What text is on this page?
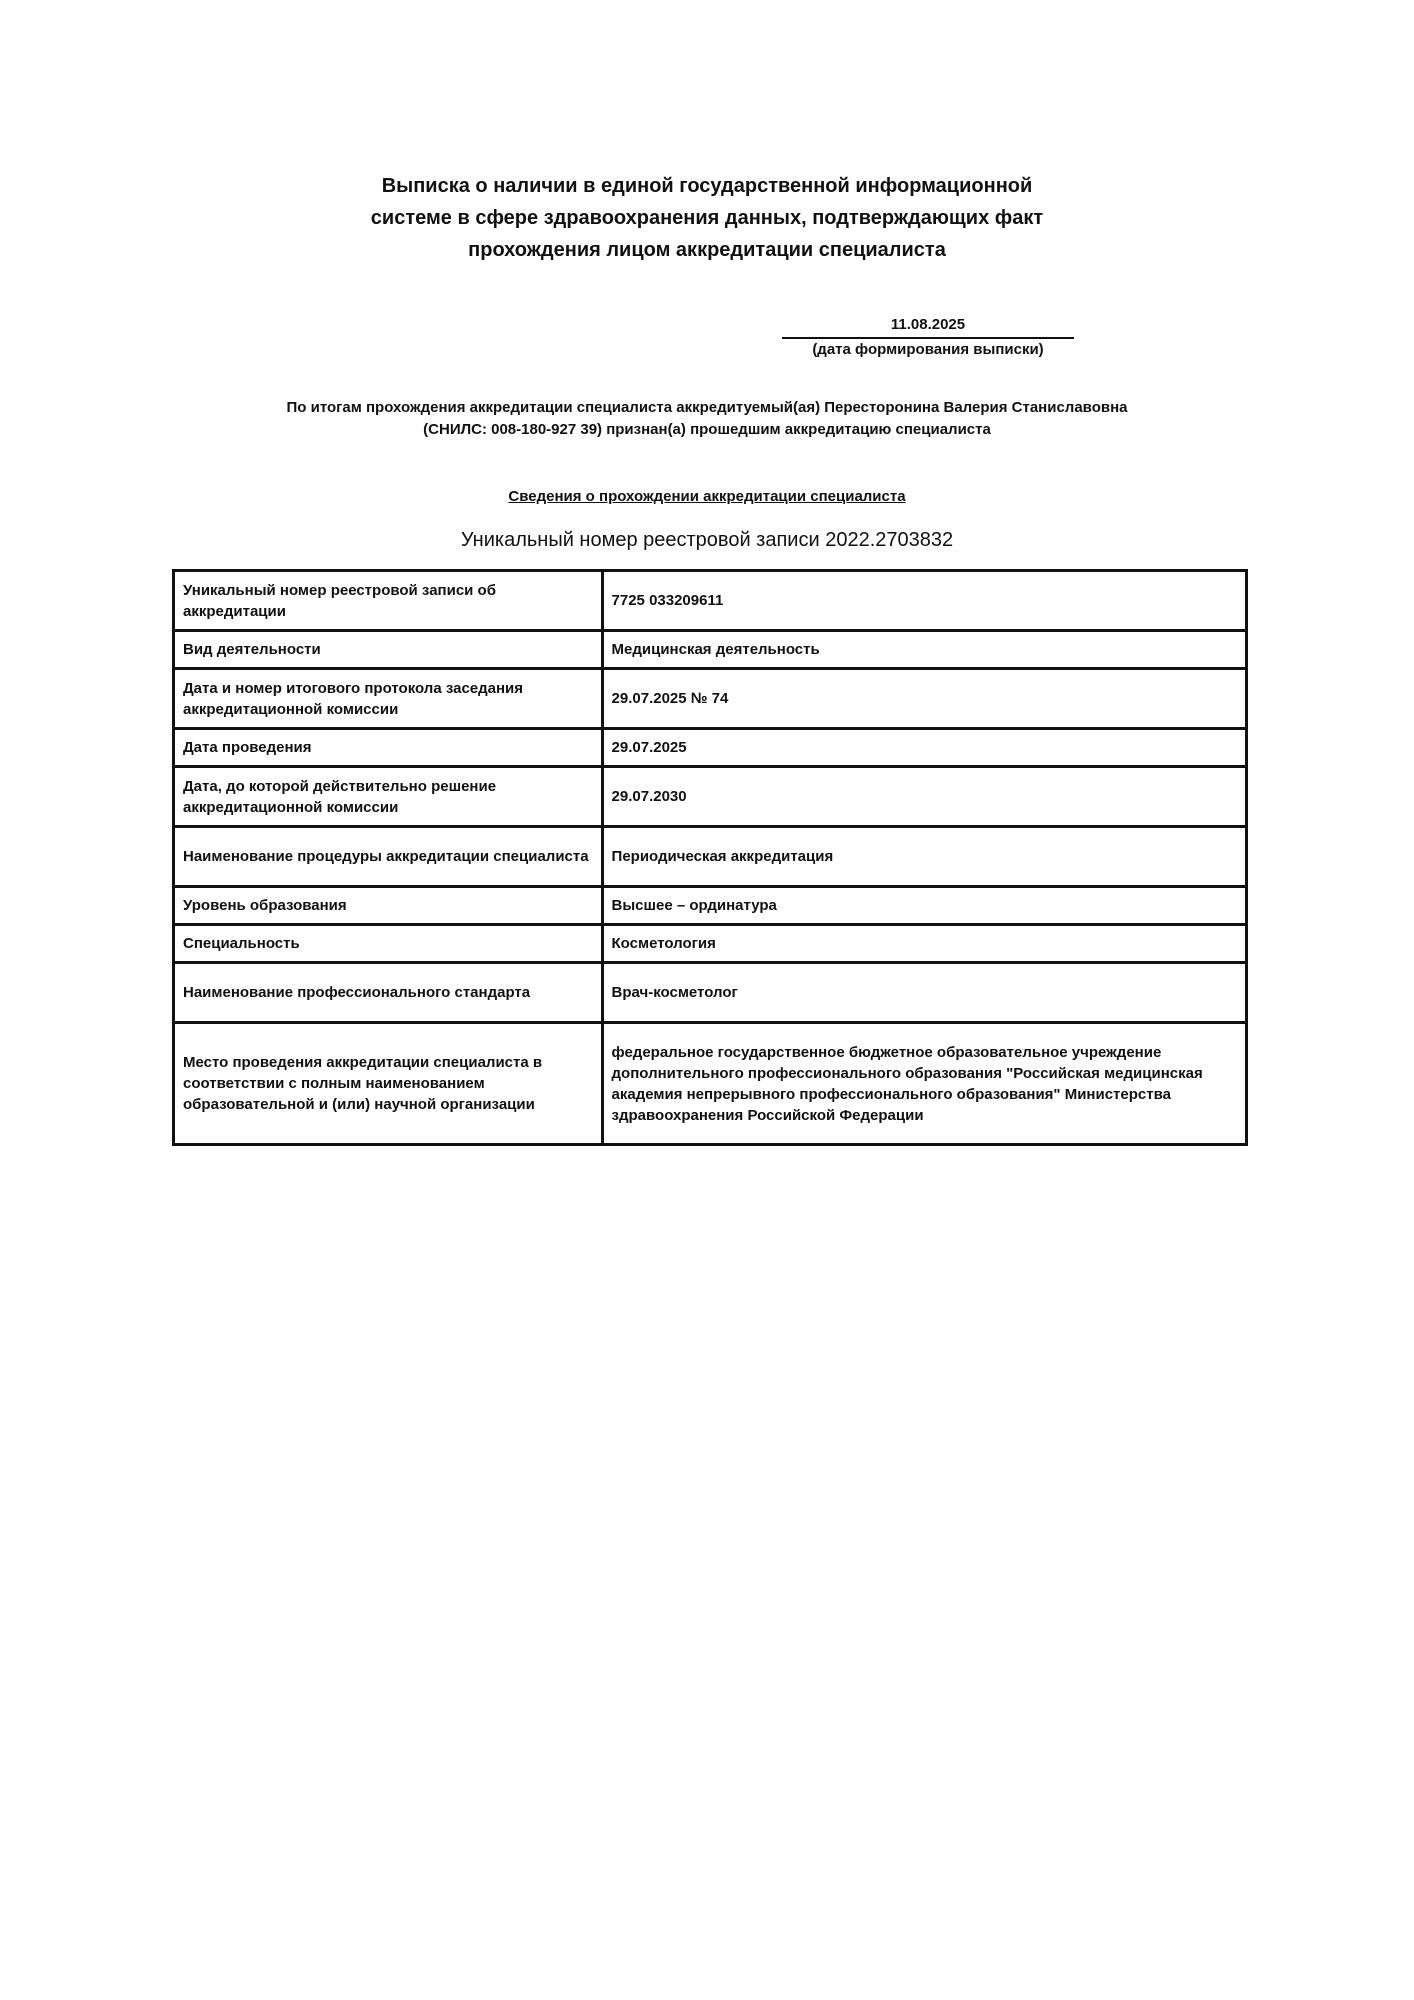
Выписка о наличии в единой государственной информационной
системе в сфере здравоохранения данных, подтверждающих факт
прохождения лицом аккредитации специалиста
11.08.2025
(дата формирования выписки)
По итогам прохождения аккредитации специалиста аккредитуемый(ая) Пересторонина Валерия Станиславовна
(СНИЛС: 008-180-927 39) признан(а) прошедшим аккредитацию специалиста
Сведения о прохождении аккредитации специалиста
Уникальный номер реестровой записи 2022.2703832
Уникальный номер реестровой записи об аккредитации	7725 033209611
Вид деятельности	Медицинская деятельность
Дата и номер итогового протокола заседания аккредитационной комиссии	29.07.2025 № 74
Дата проведения	29.07.2025
Дата, до которой действительно решение аккредитационной комиссии	29.07.2030
Наименование процедуры аккредитации специалиста	Периодическая аккредитация
Уровень образования	Высшее – ординатура
Специальность	Косметология
Наименование профессионального стандарта	Врач-косметолог
Место проведения аккредитации специалиста в соответствии с полным наименованием образовательной и (или) научной организации	федеральное государственное бюджетное образовательное учреждение дополнительного профессионального образования "Российская медицинская академия непрерывного профессионального образования" Министерства здравоохранения Российской Федерации
